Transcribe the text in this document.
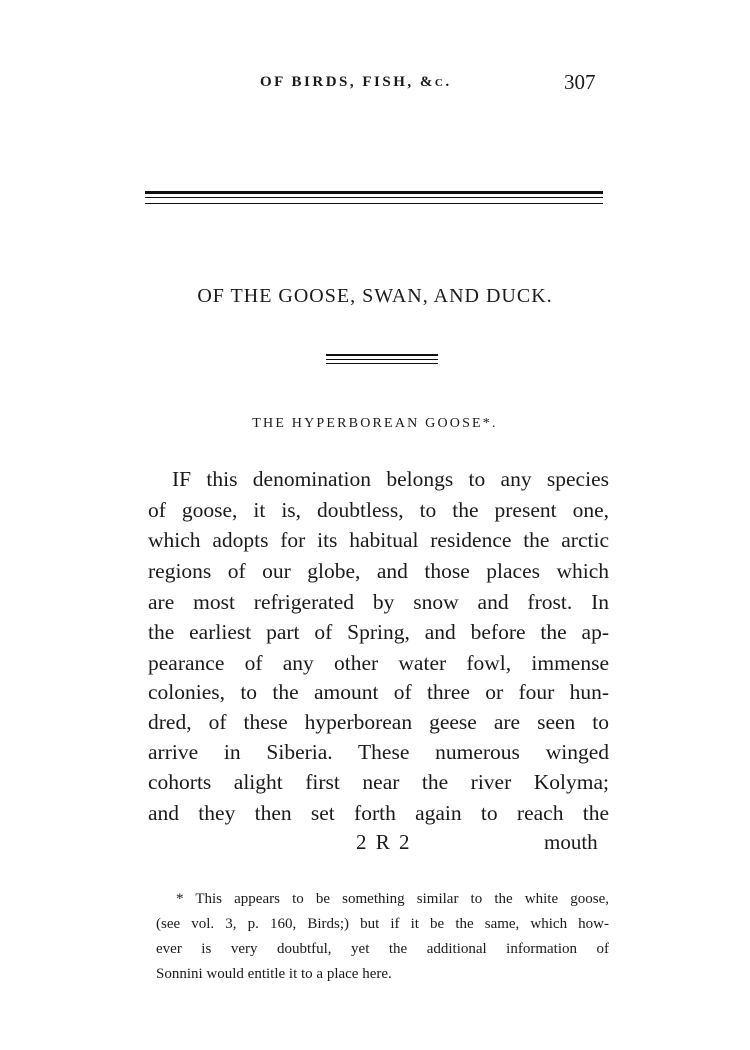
OF BIRDS, FISH, &c.	307
OF THE GOOSE, SWAN, AND DUCK.
THE HYPERBOREAN GOOSE*.
IF this denomination belongs to any species
of goose, it is, doubtless, to the present one,
which adopts for its habitual residence the arctic
regions of our globe, and those places which
are most refrigerated by snow and frost. In
the earliest part of Spring, and before the ap-
pearance of any other water fowl, immense
colonies, to the amount of three or four hun-
dred, of these hyperborean geese are seen to
arrive in Siberia. These numerous winged
cohorts alight first near the river Kolyma;
and they then set forth again to reach the
2 R 2	mouth
* This appears to be something similar to the white goose,
(see vol. 3, p. 160, Birds;) but if it be the same, which how-
ever is very doubtful, yet the additional information of
Sonnini would entitle it to a place here.
